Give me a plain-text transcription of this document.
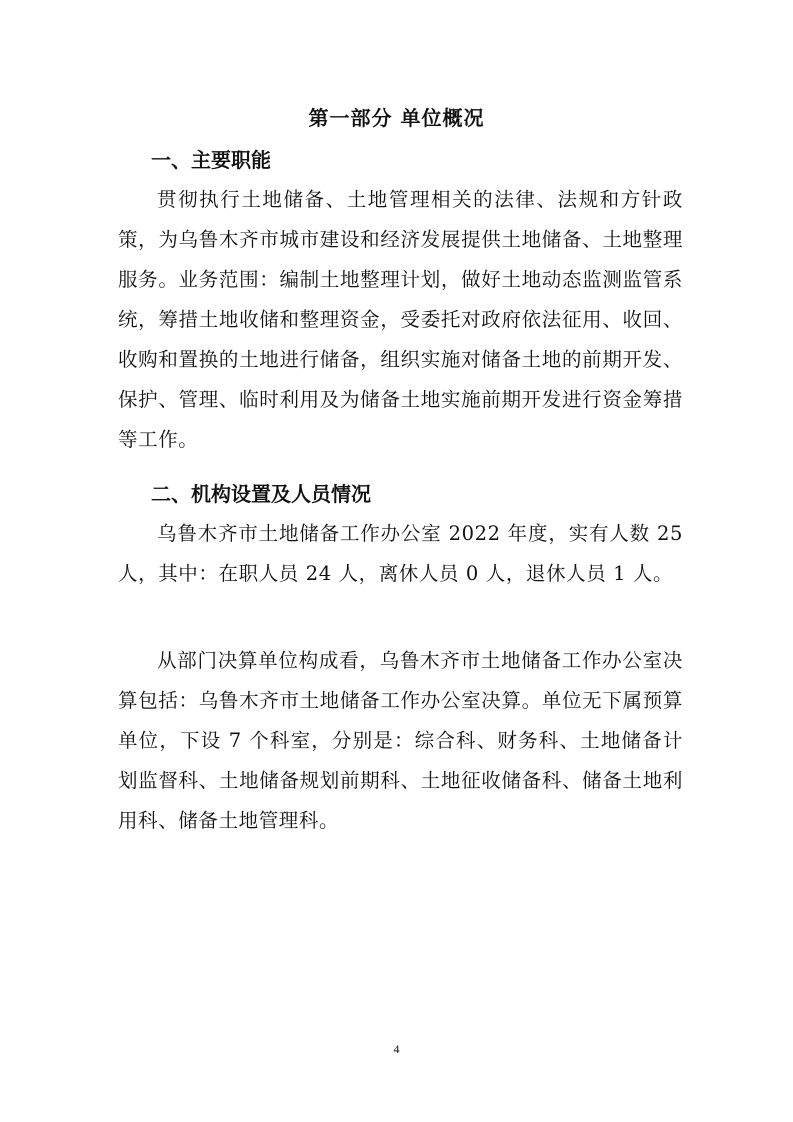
第一部分 单位概况
一、主要职能

贯彻执行土地储备、土地管理相关的法律、法规和方针政策，为乌鲁木齐市城市建设和经济发展提供土地储备、土地整理服务。业务范围：编制土地整理计划，做好土地动态监测监管系统，筹措土地收储和整理资金，受委托对政府依法征用、收回、收购和置换的土地进行储备，组织实施对储备土地的前期开发、保护、管理、临时利用及为储备土地实施前期开发进行资金筹措等工作。

二、机构设置及人员情况

乌鲁木齐市土地储备工作办公室 2022 年度，实有人数 25 人，其中：在职人员 24 人，离休人员 0 人，退休人员 1 人。

从部门决算单位构成看，乌鲁木齐市土地储备工作办公室决算包括：乌鲁木齐市土地储备工作办公室决算。单位无下属预算单位，下设 7 个科室，分别是：综合科、财务科、土地储备计划监督科、土地储备规划前期科、土地征收储备科、储备土地利用科、储备土地管理科。

4
